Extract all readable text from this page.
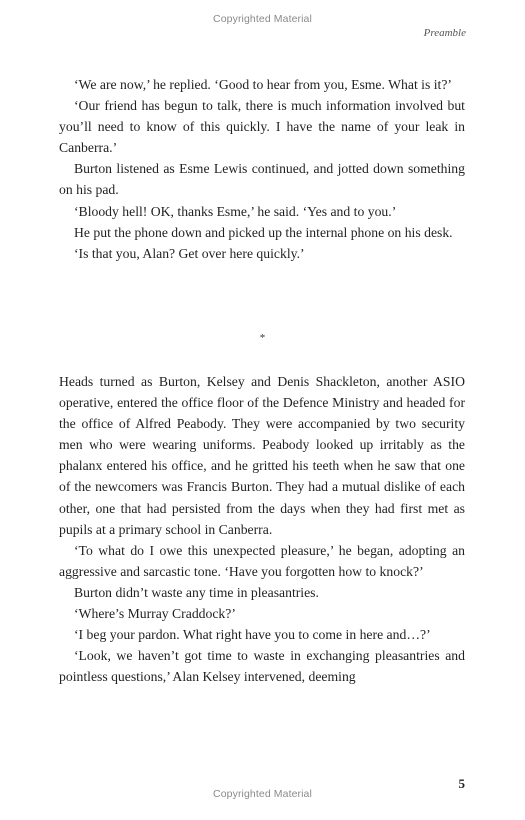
Copyrighted Material
Preamble

‘We are now,’ he replied. ‘Good to hear from you, Esme. What is it?’

‘Our friend has begun to talk, there is much information involved but you’ll need to know of this quickly. I have the name of your leak in Canberra.’

Burton listened as Esme Lewis continued, and jotted down something on his pad.

‘Bloody hell! OK, thanks Esme,’ he said. ‘Yes and to you.’

He put the phone down and picked up the internal phone on his desk.

‘Is that you, Alan? Get over here quickly.’

*

Heads turned as Burton, Kelsey and Denis Shackleton, another ASIO operative, entered the office floor of the Defence Ministry and headed for the office of Alfred Peabody. They were accompanied by two security men who were wearing uniforms. Peabody looked up irritably as the phalanx entered his office, and he gritted his teeth when he saw that one of the newcomers was Francis Burton. They had a mutual dislike of each other, one that had persisted from the days when they had first met as pupils at a primary school in Canberra.

‘To what do I owe this unexpected pleasure,’ he began, adopting an aggressive and sarcastic tone. ‘Have you forgotten how to knock?’

Burton didn’t waste any time in pleasantries.

‘Where’s Murray Craddock?’

‘I beg your pardon. What right have you to come in here and…?’

‘Look, we haven’t got time to waste in exchanging pleasantries and pointless questions,’ Alan Kelsey intervened, deeming

5
Copyrighted Material
